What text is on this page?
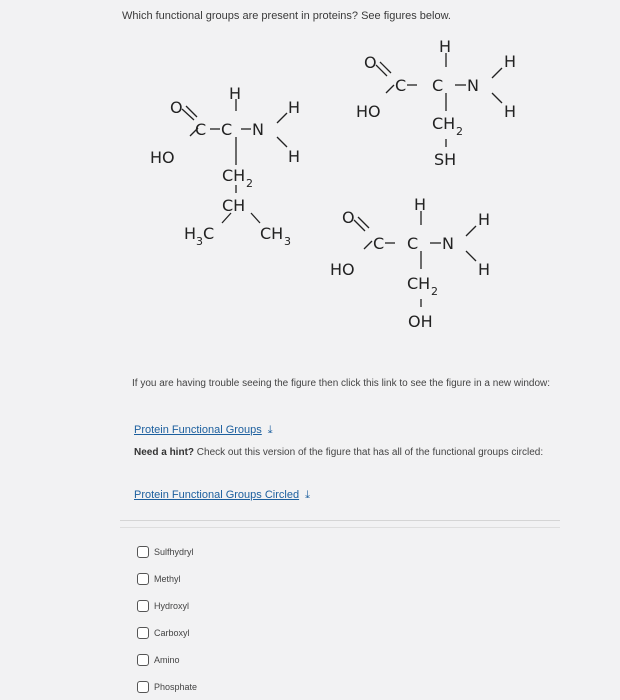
Which functional groups are present in proteins? See figures below.
O
H
C C N
H
H
HO
CH 2
CH
H 3 C	CH 3
O
H
C C N
H
H
HO
CH 2
SH
O
H
C C N
H
H
HO
CH 2
OH
If you are having trouble seeing the figure then click this link to see the figure in a new window:
Protein Functional Groups ⤓
Need a hint? Check out this version of the figure that has all of the functional groups circled:
Protein Functional Groups Circled ⤓
Sulfhydryl
Methyl
Hydroxyl
Carboxyl
Amino
Phosphate
